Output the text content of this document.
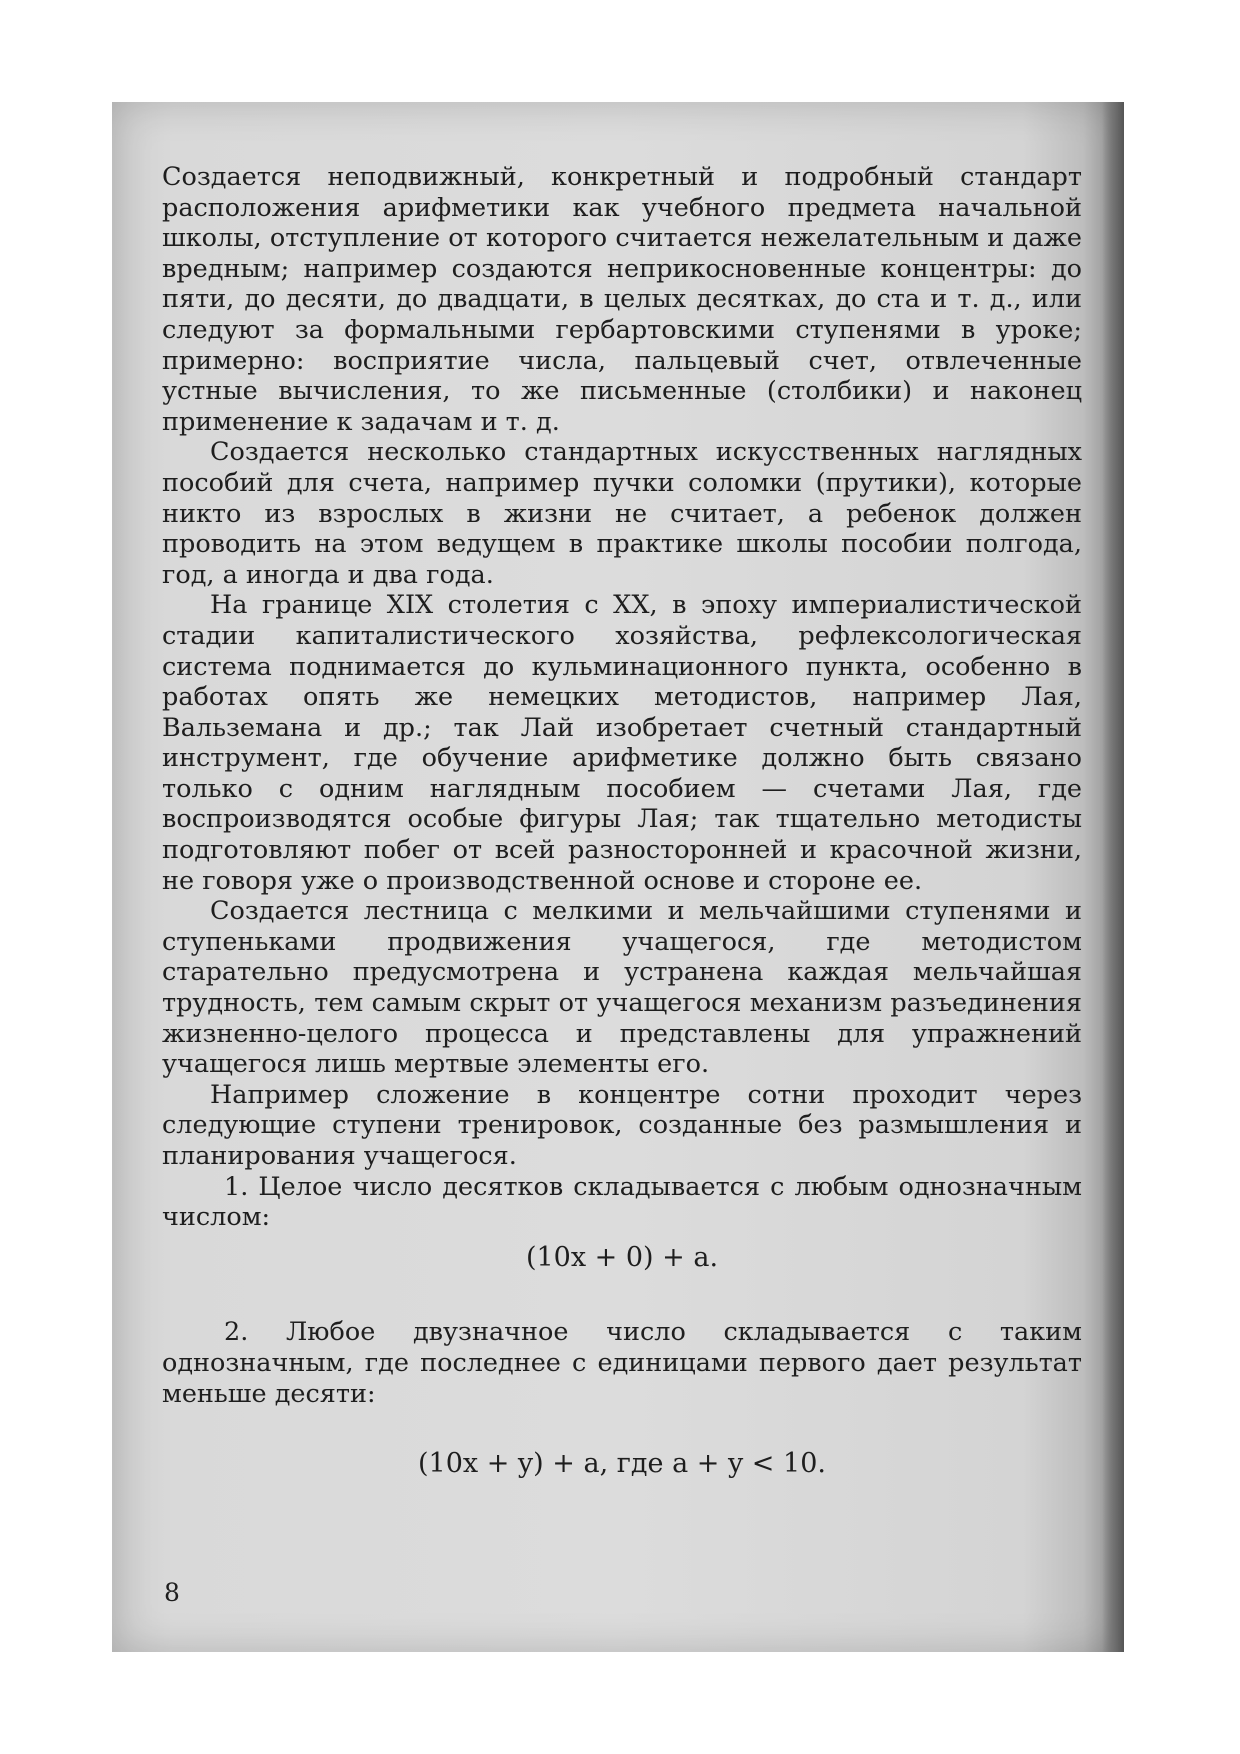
Создается неподвижный, конкретный и подробный стандарт расположения арифметики как учебного предмета начальной школы, отступление от которого считается нежелательным и даже вредным; например создаются неприкосновенные концентры: до пяти, до десяти, до двадцати, в целых десятках, до ста и т. д., или следуют за формальными гербартовскими ступенями в уроке; примерно: восприятие числа, пальцевый счет, отвлеченные устные вычисления, то же письменные (столбики) и наконец применение к задачам и т. д.

Создается несколько стандартных искусственных наглядных пособий для счета, например пучки соломки (прутики), которые никто из взрослых в жизни не считает, а ребенок должен проводить на этом ведущем в практике школы пособии полгода, год, а иногда и два года.

На границе XIX столетия с XX, в эпоху империалистической стадии капиталистического хозяйства, рефлексологическая система поднимается до кульминационного пункта, особенно в работах опять же немецких методистов, например Лая, Вальземана и др.; так Лай изобретает счетный стандартный инструмент, где обучение арифметике должно быть связано только с одним наглядным пособием — счетами Лая, где воспроизводятся особые фигуры Лая; так тщательно методисты подготовляют побег от всей разносторонней и красочной жизни, не говоря уже о производственной основе и стороне ее.

Создается лестница с мелкими и мельчайшими ступенями и ступеньками продвижения учащегося, где методистом старательно предусмотрена и устранена каждая мельчайшая трудность, тем самым скрыт от учащегося механизм разъединения жизненно-целого процесса и представлены для упражнений учащегося лишь мертвые элементы его.

Например сложение в концентре сотни проходит через следующие ступени тренировок, созданные без размышления и планирования учащегося.

1. Целое число десятков складывается с любым однозначным числом:

(10x + 0) + a.

2. Любое двузначное число складывается с таким однозначным, где последнее с единицами первого дает результат меньше десяти:

(10x + y) + a, где a + y < 10.
8
